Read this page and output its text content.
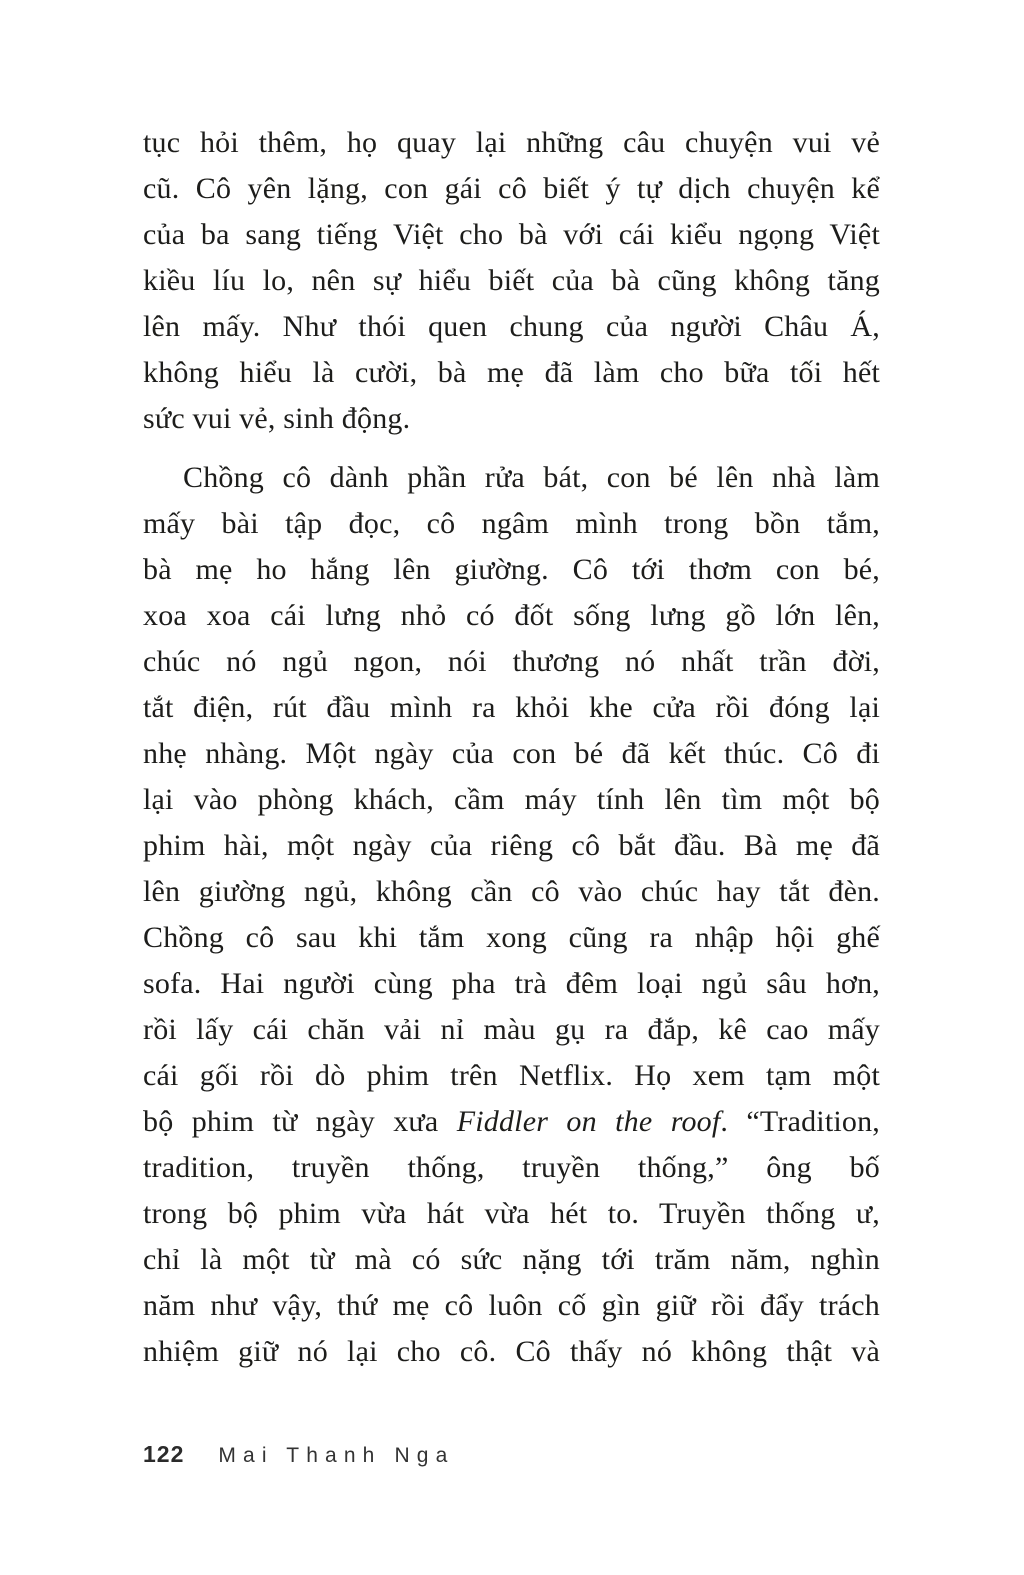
tục hỏi thêm, họ quay lại những câu chuyện vui vẻ
cũ. Cô yên lặng, con gái cô biết ý tự dịch chuyện kể
của ba sang tiếng Việt cho bà với cái kiểu ngọng Việt
kiều líu lo, nên sự hiểu biết của bà cũng không tăng
lên mấy. Như thói quen chung của người Châu Á,
không hiểu là cười, bà mẹ đã làm cho bữa tối hết
sức vui vẻ, sinh động.
Chồng cô dành phần rửa bát, con bé lên nhà làm
mấy bài tập đọc, cô ngâm mình trong bồn tắm,
bà mẹ ho hắng lên giường. Cô tới thơm con bé,
xoa xoa cái lưng nhỏ có đốt sống lưng gồ lớn lên,
chúc nó ngủ ngon, nói thương nó nhất trần đời,
tắt điện, rút đầu mình ra khỏi khe cửa rồi đóng lại
nhẹ nhàng. Một ngày của con bé đã kết thúc. Cô đi
lại vào phòng khách, cầm máy tính lên tìm một bộ
phim hài, một ngày của riêng cô bắt đầu. Bà mẹ đã
lên giường ngủ, không cần cô vào chúc hay tắt đèn.
Chồng cô sau khi tắm xong cũng ra nhập hội ghế
sofa. Hai người cùng pha trà đêm loại ngủ sâu hơn,
rồi lấy cái chăn vải nỉ màu gụ ra đắp, kê cao mấy
cái gối rồi dò phim trên Netflix. Họ xem tạm một
bộ phim từ ngày xưa Fiddler on the roof. “Tradition,
tradition, truyền thống, truyền thống,” ông bố
trong bộ phim vừa hát vừa hét to. Truyền thống ư,
chỉ là một từ mà có sức nặng tới trăm năm, nghìn
năm như vậy, thứ mẹ cô luôn cố gìn giữ rồi đẩy trách
nhiệm giữ nó lại cho cô. Cô thấy nó không thật và
122 Mai Thanh Nga
